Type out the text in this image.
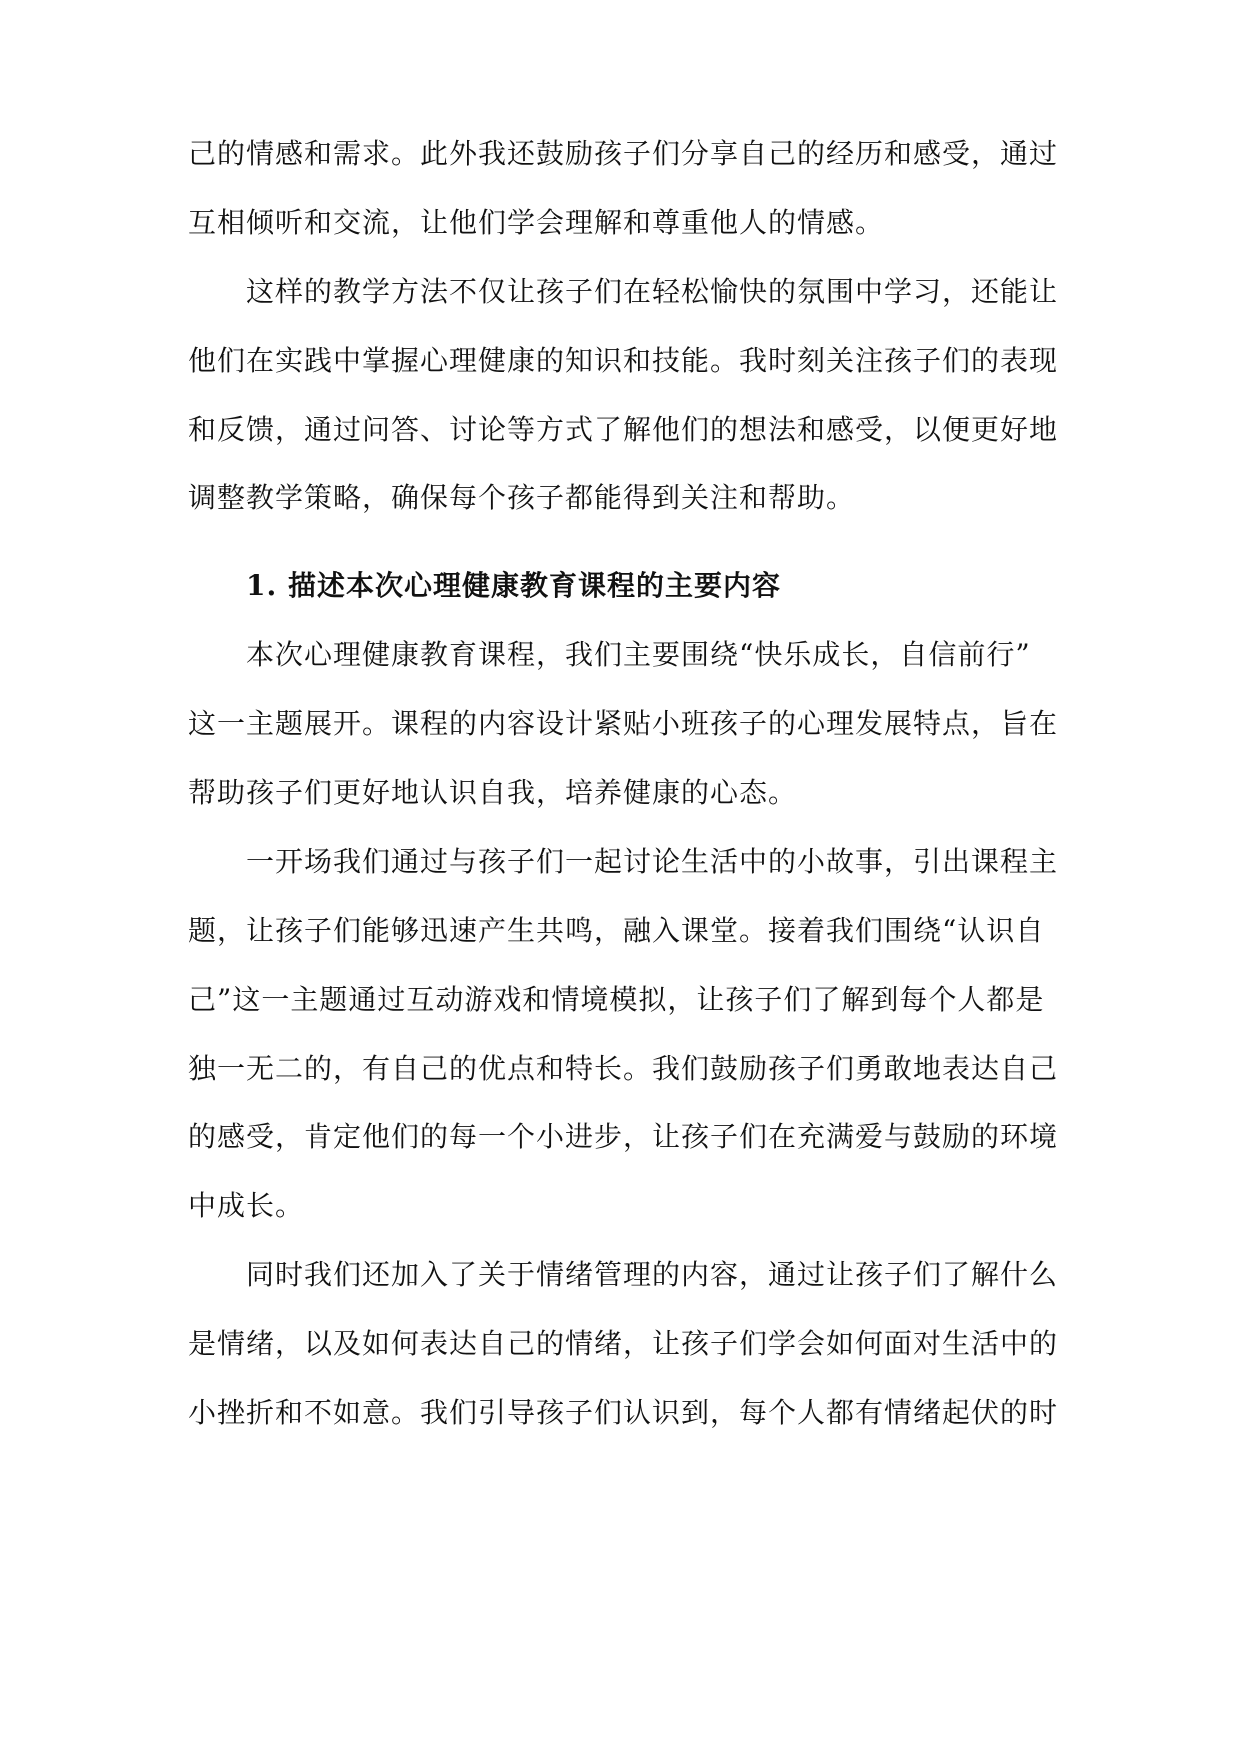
己的情感和需求。此外我还鼓励孩子们分享自己的经历和感受，通过
互相倾听和交流，让他们学会理解和尊重他人的情感。
这样的教学方法不仅让孩子们在轻松愉快的氛围中学习，还能让
他们在实践中掌握心理健康的知识和技能。我时刻关注孩子们的表现
和反馈，通过问答、讨论等方式了解他们的想法和感受，以便更好地
调整教学策略，确保每个孩子都能得到关注和帮助。
1. 描述本次心理健康教育课程的主要内容
本次心理健康教育课程，我们主要围绕“快乐成长，自信前行”
这一主题展开。课程的内容设计紧贴小班孩子的心理发展特点，旨在
帮助孩子们更好地认识自我，培养健康的心态。
一开场我们通过与孩子们一起讨论生活中的小故事，引出课程主
题，让孩子们能够迅速产生共鸣，融入课堂。接着我们围绕“认识自
己”这一主题通过互动游戏和情境模拟，让孩子们了解到每个人都是
独一无二的，有自己的优点和特长。我们鼓励孩子们勇敢地表达自己
的感受，肯定他们的每一个小进步，让孩子们在充满爱与鼓励的环境
中成长。
同时我们还加入了关于情绪管理的内容，通过让孩子们了解什么
是情绪，以及如何表达自己的情绪，让孩子们学会如何面对生活中的
小挫折和不如意。我们引导孩子们认识到，每个人都有情绪起伏的时
